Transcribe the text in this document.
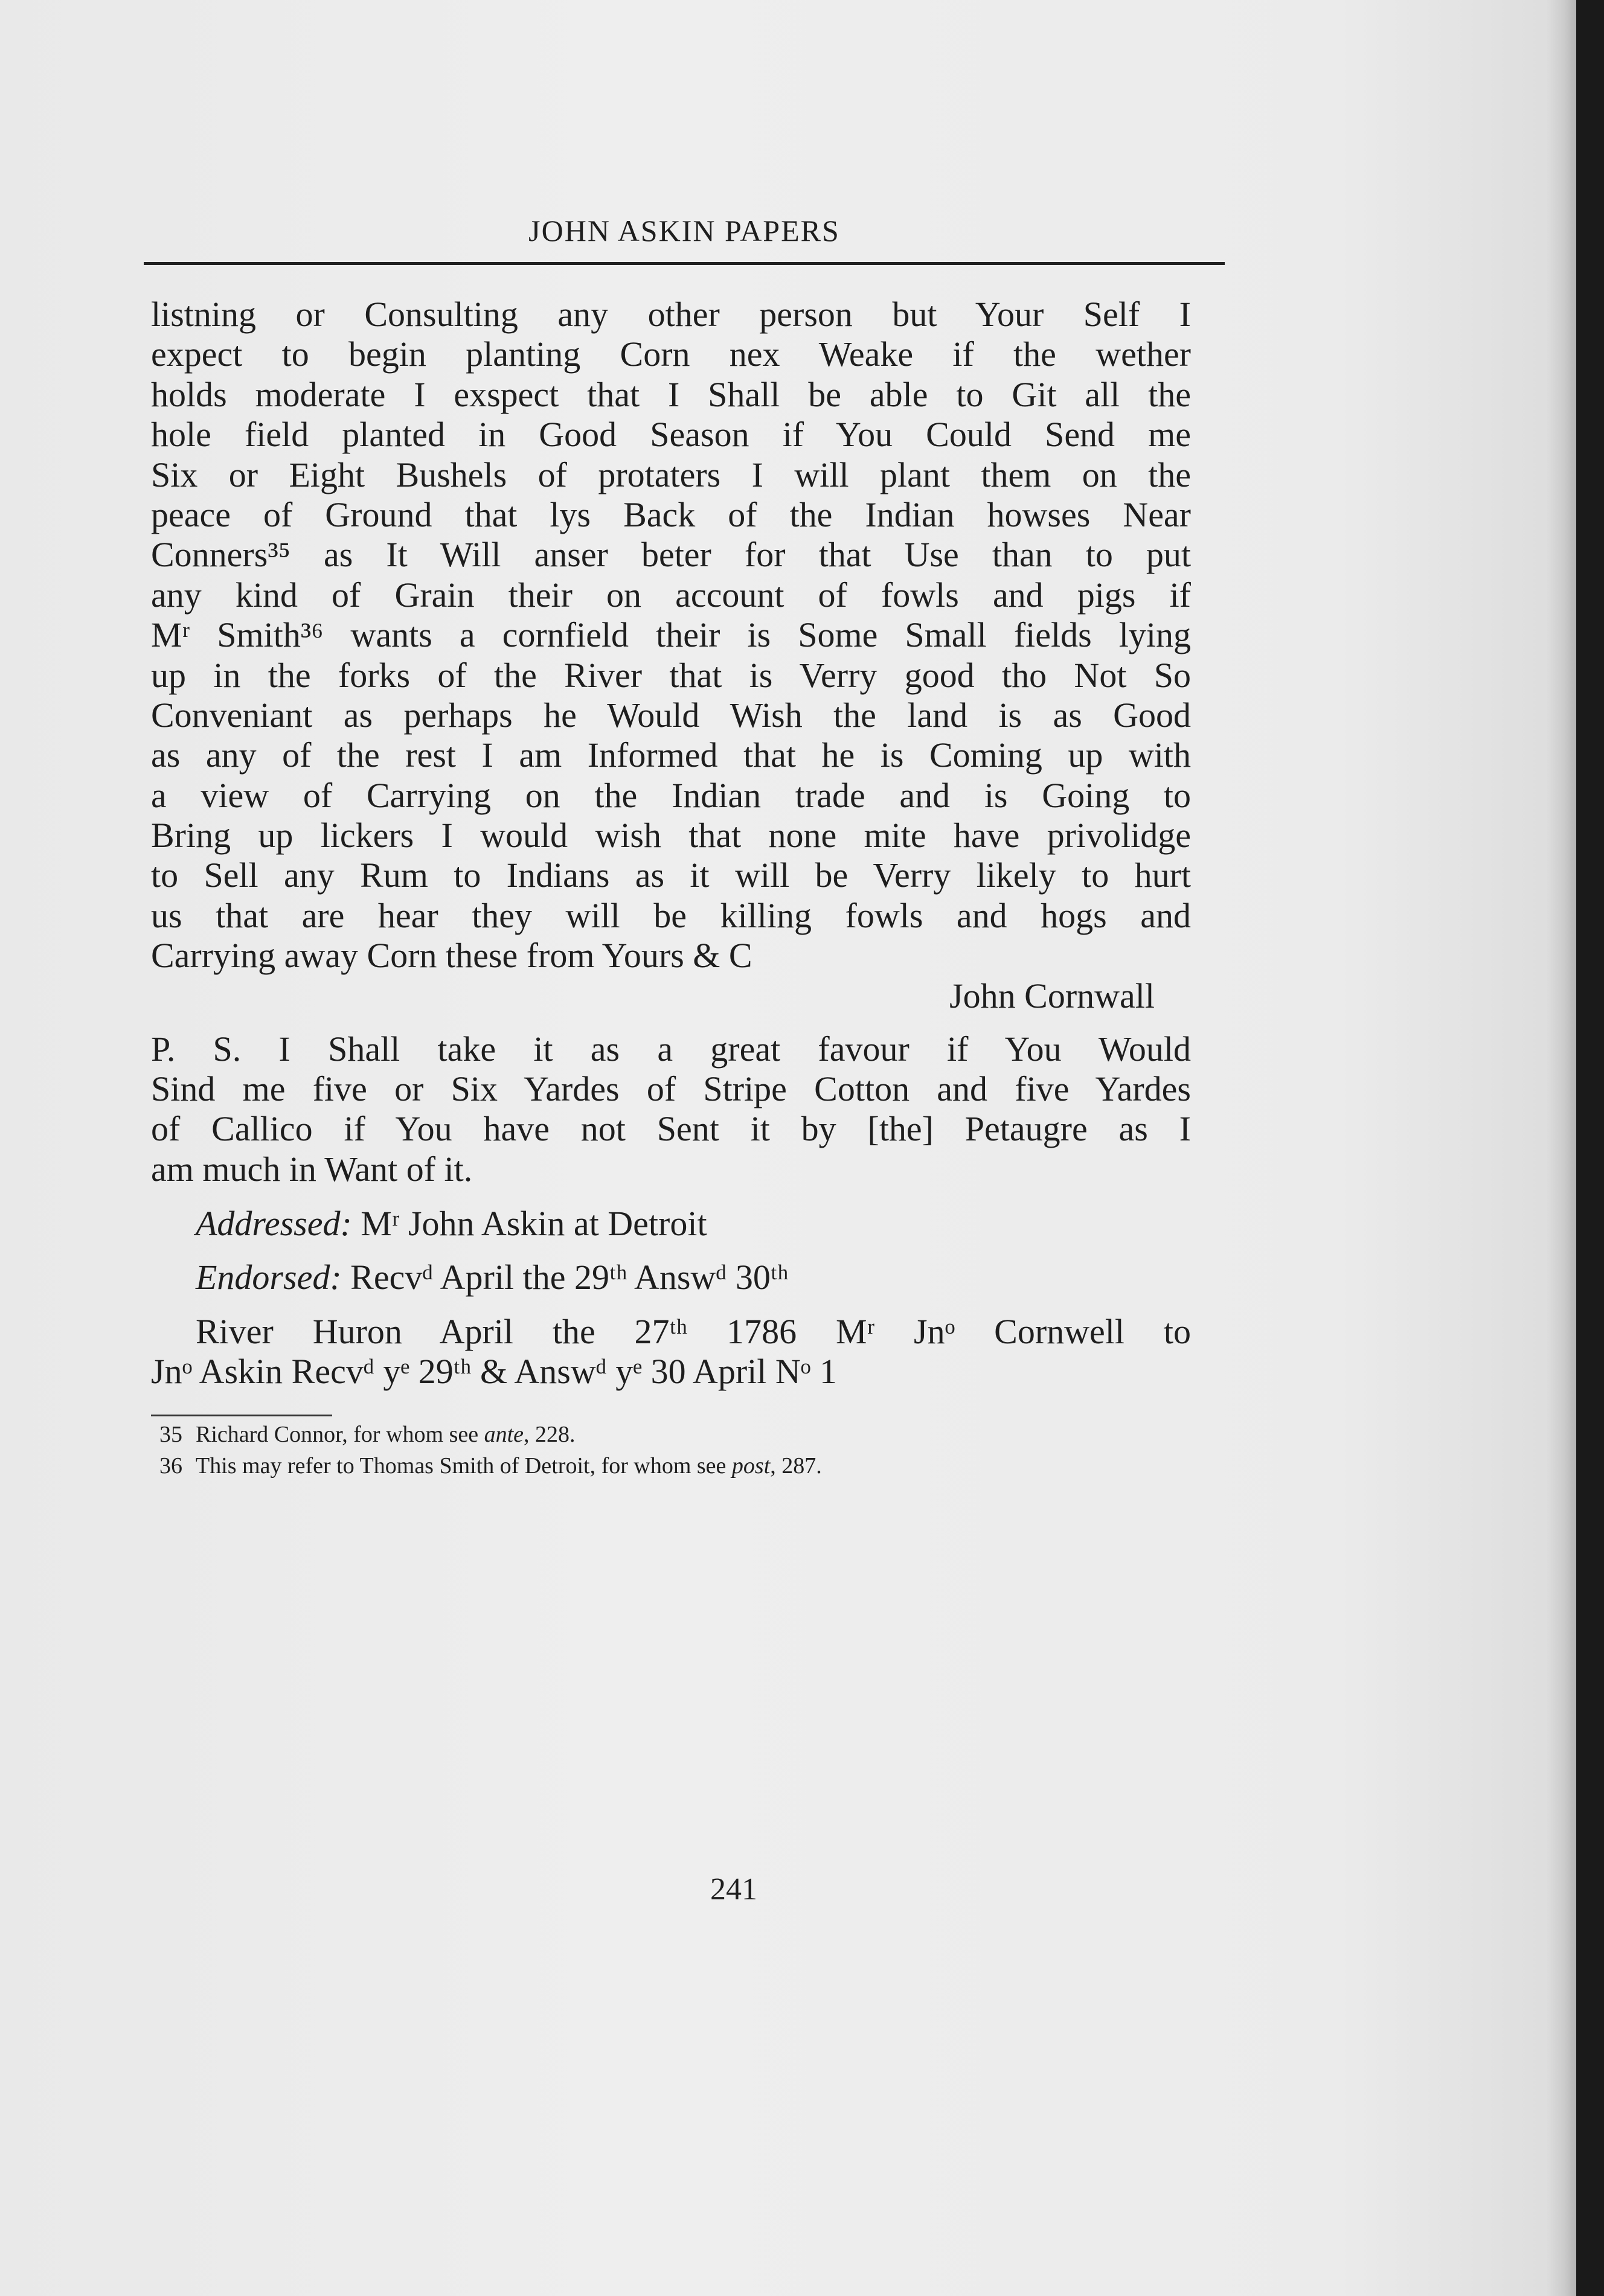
JOHN ASKIN PAPERS
listning or Consulting any other person but Your Self I
expect to begin planting Corn nex Weake if the wether
holds moderate I exspect that I Shall be able to Git all the
hole field planted in Good Season if You Could Send me
Six or Eight Bushels of protaters I will plant them on the
peace of Ground that lys Back of the Indian howses Near
Conners³⁵ as It Will anser beter for that Use than to put
any kind of Grain their on account of fowls and pigs if
Mʳ Smith³⁶ wants a cornfield their is Some Small fields lying
up in the forks of the River that is Verry good tho Not So
Conveniant as perhaps he Would Wish the land is as Good
as any of the rest I am Informed that he is Coming up with
a view of Carrying on the Indian trade and is Going to
Bring up lickers I would wish that none mite have privolidge
to Sell any Rum to Indians as it will be Verry likely to hurt
us that are hear they will be killing fowls and hogs and
Carrying away Corn these from Yours & C
John Cornwall
P. S. I Shall take it as a great favour if You Would
Sind me five or Six Yardes of Stripe Cotton and five Yardes
of Callico if You have not Sent it by [the] Petaugre as I
am much in Want of it.
Addressed: Mʳ John Askin at Detroit
Endorsed: Recvᵈ April the 29ᵗʰ Answᵈ 30ᵗʰ
River Huron April the 27ᵗʰ 1786 Mʳ Jnᵒ Cornwell to
Jnᵒ Askin Recvᵈ yᵉ 29ᵗʰ & Answᵈ yᵉ 30 April Nᵒ 1
35 Richard Connor, for whom see ante, 228.
36 This may refer to Thomas Smith of Detroit, for whom see post, 287.
241
